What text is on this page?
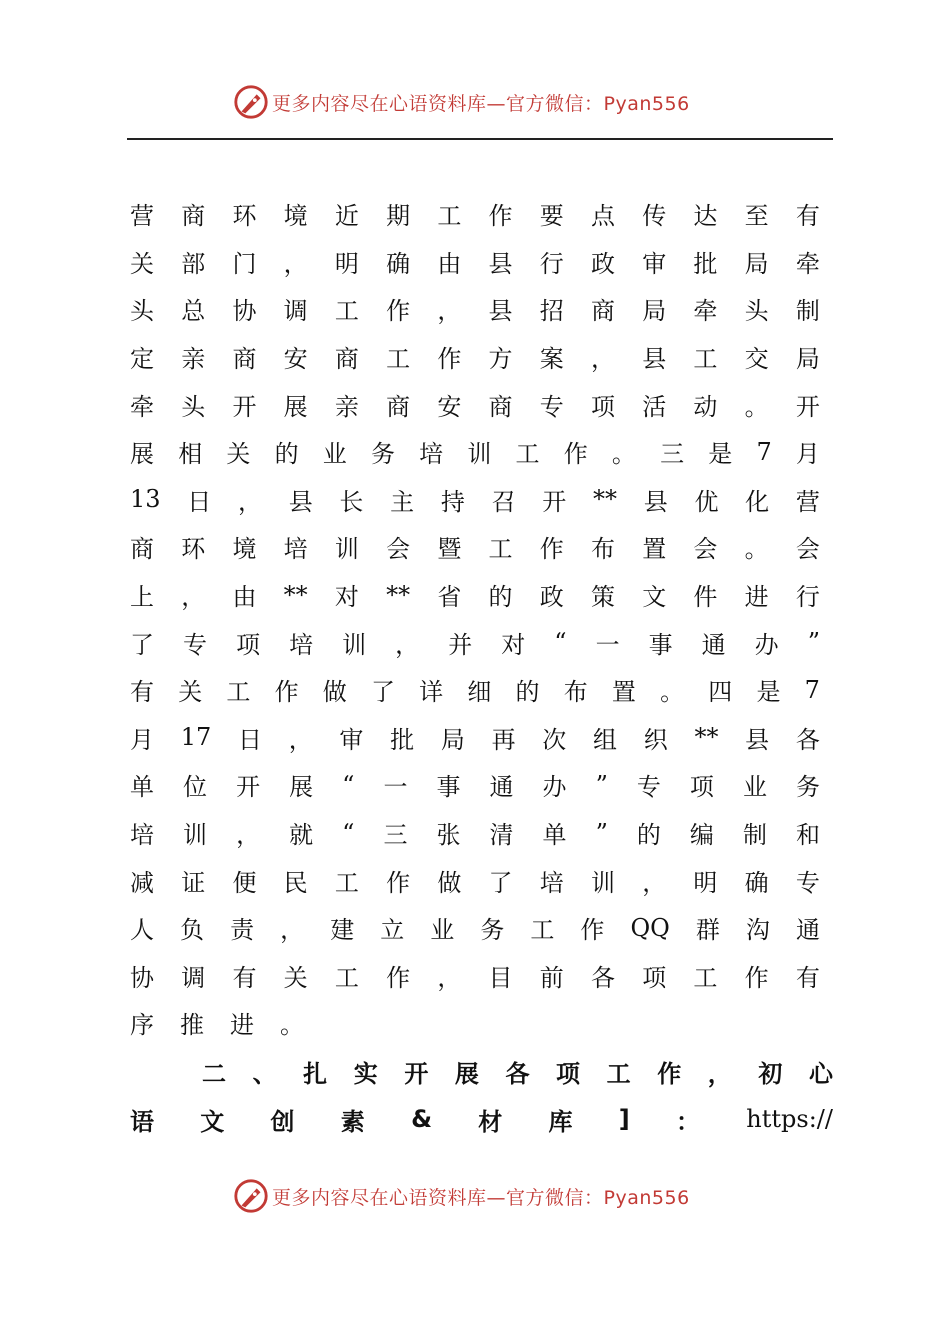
更多内容尽在心语资料库—官方微信：Pyan556
营 商 环 境 近 期 工 作 要 点 传 达 至 有
关 部 门 ， 明 确 由 县 行 政 审 批 局 牵
头 总 协 调 工 作 ， 县 招 商 局 牵 头 制
定 亲 商 安 商 工 作 方 案 ， 县 工 交 局
牵 头 开 展 亲 商 安 商 专 项 活 动 。 开
展 相 关 的 业 务 培 训 工 作 。 三 是 7 月
13 日 ， 县 长 主 持 召 开 ** 县 优 化 营
商 环 境 培 训 会 暨 工 作 布 置 会 。 会
上 ， 由 ** 对 ** 省 的 政 策 文 件 进 行
了 专 项 培 训 ， 并 对 “ 一 事 通 办 ”
有 关 工 作 做 了 详 细 的 布 置 。 四 是 7
月 17 日 ， 审 批 局 再 次 组 织 ** 县 各
单 位 开 展 “ 一 事 通 办 ” 专 项 业 务
培 训 ， 就 “ 三 张 清 单 ” 的 编 制 和
减 证 便 民 工 作 做 了 培 训 ， 明 确 专
人 负 责 ， 建 立 业 务 工 作 QQ 群 沟 通
协 调 有 关 工 作 ， 目 前 各 项 工 作 有
序 推 进 。
二 、 扎 实 开 展 各 项 工 作 ， 初 心
语 文 创 素 & 材 库 ] ： https://
更多内容尽在心语资料库—官方微信：Pyan556
